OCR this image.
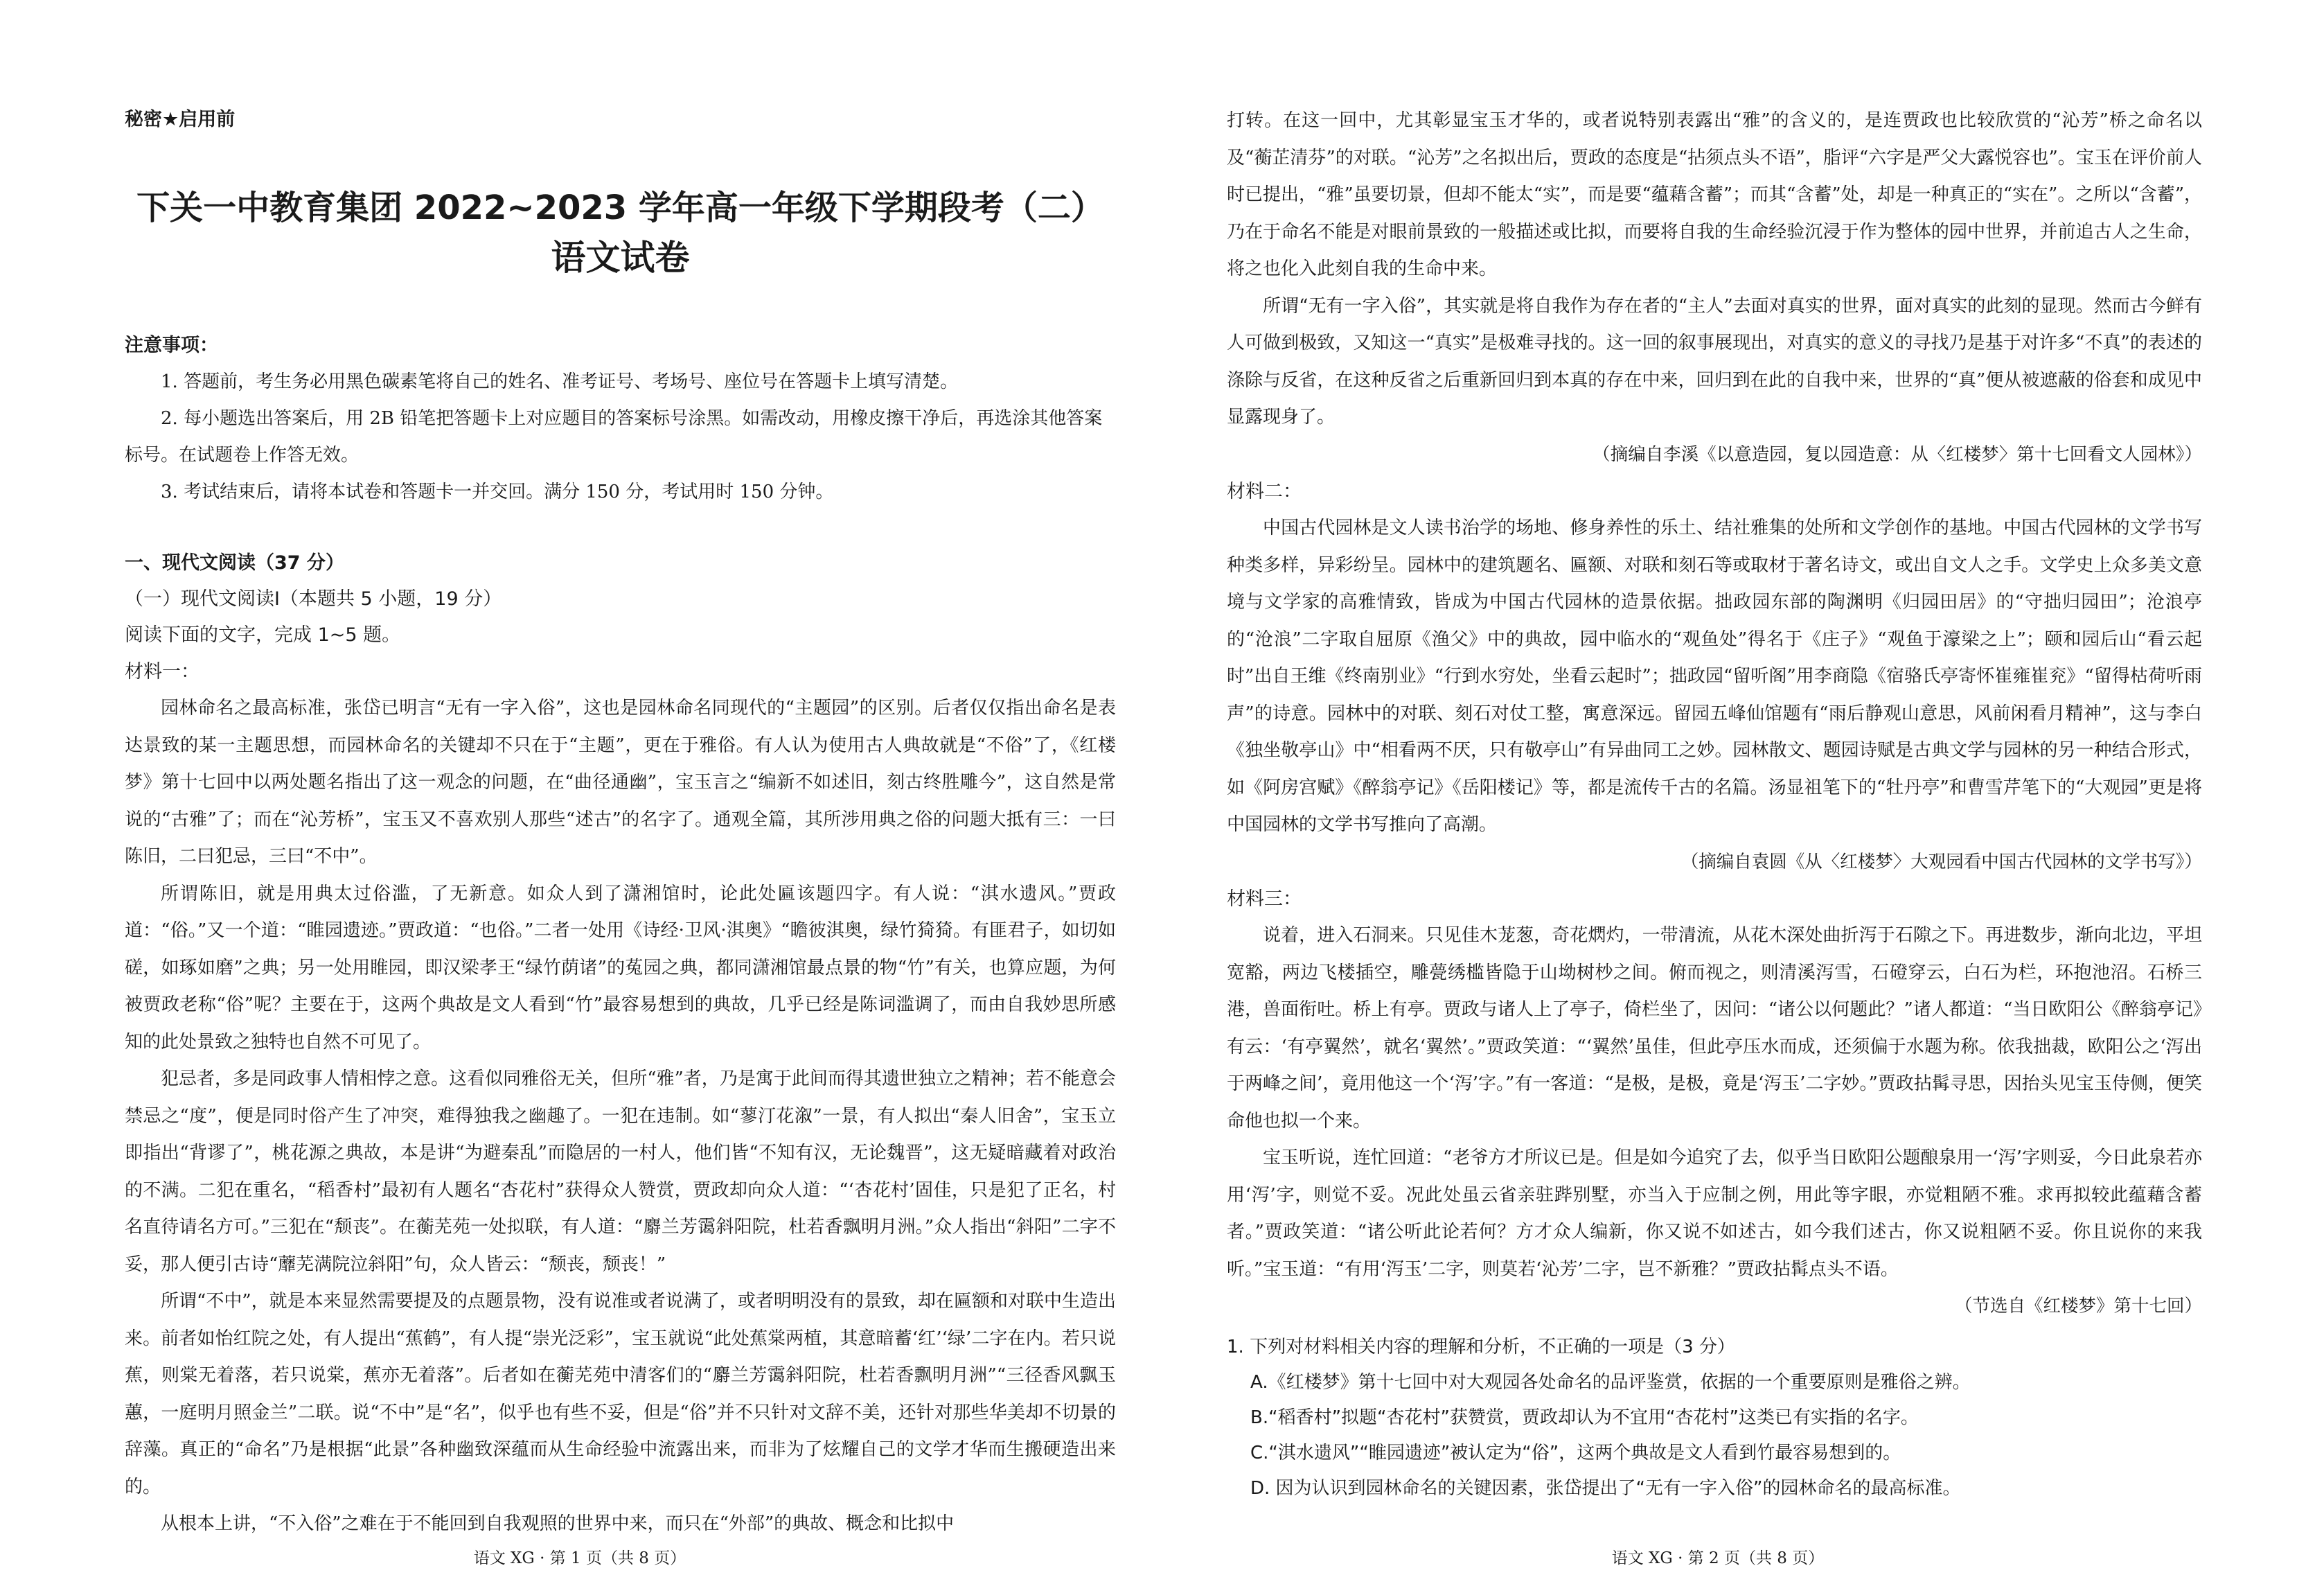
秘密★启用前

下关一中教育集团 2022~2023 学年高一年级下学期段考（二）

语文试卷

注意事项：

1. 答题前，考生务必用黑色碳素笔将自己的姓名、准考证号、考场号、座位号在答题卡上填写清楚。

2. 每小题选出答案后，用 2B 铅笔把答题卡上对应题目的答案标号涂黑。如需改动，用橡皮擦干净后，再选涂其他答案标号。在试题卷上作答无效。

3. 考试结束后，请将本试卷和答题卡一并交回。满分 150 分，考试用时 150 分钟。

一、现代文阅读（37 分）

（一）现代文阅读Ⅰ（本题共 5 小题，19 分）

阅读下面的文字，完成 1~5 题。

材料一：

园林命名之最高标准，张岱已明言“无有一字入俗”，这也是园林命名同现代的“主题园”的区别。后者仅仅指出命名是表达景致的某一主题思想，而园林命名的关键却不只在于“主题”，更在于雅俗。有人认为使用古人典故就是“不俗”了，《红楼梦》第十七回中以两处题名指出了这一观念的问题，在“曲径通幽”，宝玉言之“编新不如述旧，刻古终胜雕今”，这自然是常说的“古雅”了；而在“沁芳桥”，宝玉又不喜欢别人那些“述古”的名字了。通观全篇，其所涉用典之俗的问题大抵有三：一曰陈旧，二曰犯忌，三曰“不中”。

所谓陈旧，就是用典太过俗滥，了无新意。如众人到了潇湘馆时，论此处匾该题四字。有人说：“淇水遗风。”贾政道：“俗。”又一个道：“睢园遗迹。”贾政道：“也俗。”二者一处用《诗经·卫风·淇奥》“瞻彼淇奥，绿竹猗猗。有匪君子，如切如磋，如琢如磨”之典；另一处用睢园，即汉梁孝王“绿竹荫诸”的菟园之典，都同潇湘馆最点景的物“竹”有关，也算应题，为何被贾政老称“俗”呢？主要在于，这两个典故是文人看到“竹”最容易想到的典故，几乎已经是陈词滥调了，而由自我妙思所感知的此处景致之独特也自然不可见了。

犯忌者，多是同政事人情相悖之意。这看似同雅俗无关，但所“雅”者，乃是寓于此间而得其遗世独立之精神；若不能意会禁忌之“度”，便是同时俗产生了冲突，难得独我之幽趣了。一犯在违制。如“蓼汀花溆”一景，有人拟出“秦人旧舍”，宝玉立即指出“背谬了”，桃花源之典故，本是讲“为避秦乱”而隐居的一村人，他们皆“不知有汉，无论魏晋”，这无疑暗藏着对政治的不满。二犯在重名，“稻香村”最初有人题名“杏花村”获得众人赞赏，贾政却向众人道：“‘杏花村’固佳，只是犯了正名，村名直待请名方可。”三犯在“颓丧”。在蘅芜苑一处拟联，有人道：“麝兰芳霭斜阳院，杜若香飘明月洲。”众人指出“斜阳”二字不妥，那人便引古诗“蘼芜满院泣斜阳”句，众人皆云：“颓丧，颓丧！”

所谓“不中”，就是本来显然需要提及的点题景物，没有说准或者说满了，或者明明没有的景致，却在匾额和对联中生造出来。前者如怡红院之处，有人提出“蕉鹤”，有人提“崇光泛彩”，宝玉就说“此处蕉棠两植，其意暗蓄‘红’‘绿’二字在内。若只说蕉，则棠无着落，若只说棠，蕉亦无着落”。后者如在蘅芜苑中清客们的“麝兰芳霭斜阳院，杜若香飘明月洲”“三径香风飘玉蕙，一庭明月照金兰”二联。说“不中”是“名”，似乎也有些不妥，但是“俗”并不只针对文辞不美，还针对那些华美却不切景的辞藻。真正的“命名”乃是根据“此景”各种幽致深蕴而从生命经验中流露出来，而非为了炫耀自己的文学才华而生搬硬造出来的。

从根本上讲，“不入俗”之难在于不能回到自我观照的世界中来，而只在“外部”的典故、概念和比拟中

语文 XG · 第 1 页（共 8 页）

打转。在这一回中，尤其彰显宝玉才华的，或者说特别表露出“雅”的含义的，是连贾政也比较欣赏的“沁芳”桥之命名以及“蘅芷清芬”的对联。“沁芳”之名拟出后，贾政的态度是“拈须点头不语”，脂评“六字是严父大露悦容也”。宝玉在评价前人时已提出，“雅”虽要切景，但却不能太“实”，而是要“蕴藉含蓄”；而其“含蓄”处，却是一种真正的“实在”。之所以“含蓄”，乃在于命名不能是对眼前景致的一般描述或比拟，而要将自我的生命经验沉浸于作为整体的园中世界，并前追古人之生命，将之也化入此刻自我的生命中来。

所谓“无有一字入俗”，其实就是将自我作为存在者的“主人”去面对真实的世界，面对真实的此刻的显现。然而古今鲜有人可做到极致，又知这一“真实”是极难寻找的。这一回的叙事展现出，对真实的意义的寻找乃是基于对许多“不真”的表述的涤除与反省，在这种反省之后重新回归到本真的存在中来，回归到在此的自我中来，世界的“真”便从被遮蔽的俗套和成见中显露现身了。

（摘编自李溪《以意造园，复以园造意：从〈红楼梦〉第十七回看文人园林》）

材料二：

中国古代园林是文人读书治学的场地、修身养性的乐土、结社雅集的处所和文学创作的基地。中国古代园林的文学书写种类多样，异彩纷呈。园林中的建筑题名、匾额、对联和刻石等或取材于著名诗文，或出自文人之手。文学史上众多美文意境与文学家的高雅情致，皆成为中国古代园林的造景依据。拙政园东部的陶渊明《归园田居》的“守拙归园田”；沧浪亭的“沧浪”二字取自屈原《渔父》中的典故，园中临水的“观鱼处”得名于《庄子》“观鱼于濠梁之上”；颐和园后山“看云起时”出自王维《终南别业》“行到水穷处，坐看云起时”；拙政园“留听阁”用李商隐《宿骆氏亭寄怀崔雍崔兖》“留得枯荷听雨声”的诗意。园林中的对联、刻石对仗工整，寓意深远。留园五峰仙馆题有“雨后静观山意思，风前闲看月精神”，这与李白《独坐敬亭山》中“相看两不厌，只有敬亭山”有异曲同工之妙。园林散文、题园诗赋是古典文学与园林的另一种结合形式，如《阿房宫赋》《醉翁亭记》《岳阳楼记》等，都是流传千古的名篇。汤显祖笔下的“牡丹亭”和曹雪芹笔下的“大观园”更是将中国园林的文学书写推向了高潮。

（摘编自袁圆《从〈红楼梦〉大观园看中国古代园林的文学书写》）

材料三：

说着，进入石洞来。只见佳木茏葱，奇花熌灼，一带清流，从花木深处曲折泻于石隙之下。再进数步，渐向北边，平坦宽豁，两边飞楼插空，雕甍绣槛皆隐于山坳树杪之间。俯而视之，则清溪泻雪，石磴穿云，白石为栏，环抱池沼。石桥三港，兽面衔吐。桥上有亭。贾政与诸人上了亭子，倚栏坐了，因问：“诸公以何题此？”诸人都道：“当日欧阳公《醉翁亭记》有云：‘有亭翼然’，就名‘翼然’。”贾政笑道：“‘翼然’虽佳，但此亭压水而成，还须偏于水题为称。依我拙裁，欧阳公之‘泻出于两峰之间’，竟用他这一个‘泻’字。”有一客道：“是极，是极，竟是‘泻玉’二字妙。”贾政拈髯寻思，因抬头见宝玉侍侧，便笑命他也拟一个来。

宝玉听说，连忙回道：“老爷方才所议已是。但是如今追究了去，似乎当日欧阳公题酿泉用一‘泻’字则妥，今日此泉若亦用‘泻’字，则觉不妥。况此处虽云省亲驻跸别墅，亦当入于应制之例，用此等字眼，亦觉粗陋不雅。求再拟较此蕴藉含蓄者。”贾政笑道：“诸公听此论若何？方才众人编新，你又说不如述古，如今我们述古，你又说粗陋不妥。你且说你的来我听。”宝玉道：“有用‘泻玉’二字，则莫若‘沁芳’二字，岂不新雅？”贾政拈髯点头不语。

（节选自《红楼梦》第十七回）

1. 下列对材料相关内容的理解和分析，不正确的一项是（3 分）

A.《红楼梦》第十七回中对大观园各处命名的品评鉴赏，依据的一个重要原则是雅俗之辨。

B.“稻香村”拟题“杏花村”获赞赏，贾政却认为不宜用“杏花村”这类已有实指的名字。

C.“淇水遗风”“睢园遗迹”被认定为“俗”，这两个典故是文人看到竹最容易想到的。

D. 因为认识到园林命名的关键因素，张岱提出了“无有一字入俗”的园林命名的最高标准。

语文 XG · 第 2 页（共 8 页）
